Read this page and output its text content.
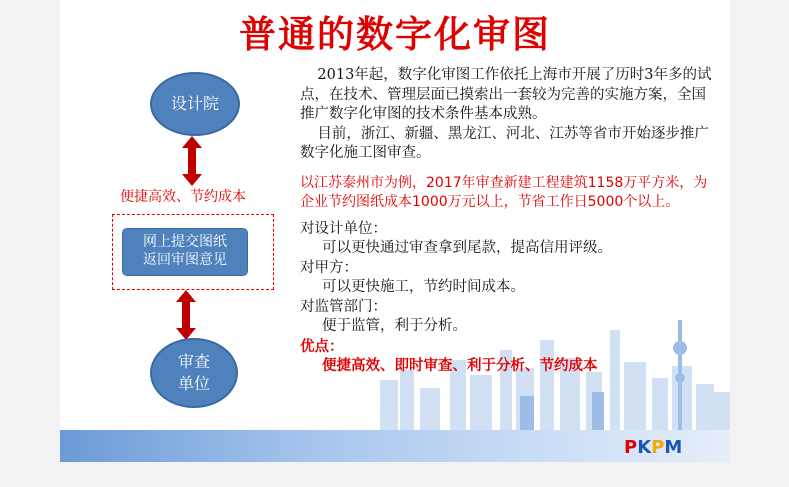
普通的数字化审图
设计院
便捷高效、节约成本
网上提交图纸
返回审图意见
审查
单位

2013年起，数字化审图工作依托上海市开展了历时3年多的试点，在技术、管理层面已摸索出一套较为完善的实施方案，全国推广数字化审图的技术条件基本成熟。

目前，浙江、新疆、黑龙江、河北、江苏等省市开始逐步推广数字化施工图审查。

以江苏泰州市为例，2017年审查新建工程建筑1158万平方米，为企业节约图纸成本1000万元以上，节省工作日5000个以上。

对设计单位：

可以更快通过审查拿到尾款，提高信用评级。

对甲方：

可以更快施工，节约时间成本。

对监管部门：

便于监管，利于分析。

优点：

便捷高效、即时审查、利于分析、节约成本

PKPM
